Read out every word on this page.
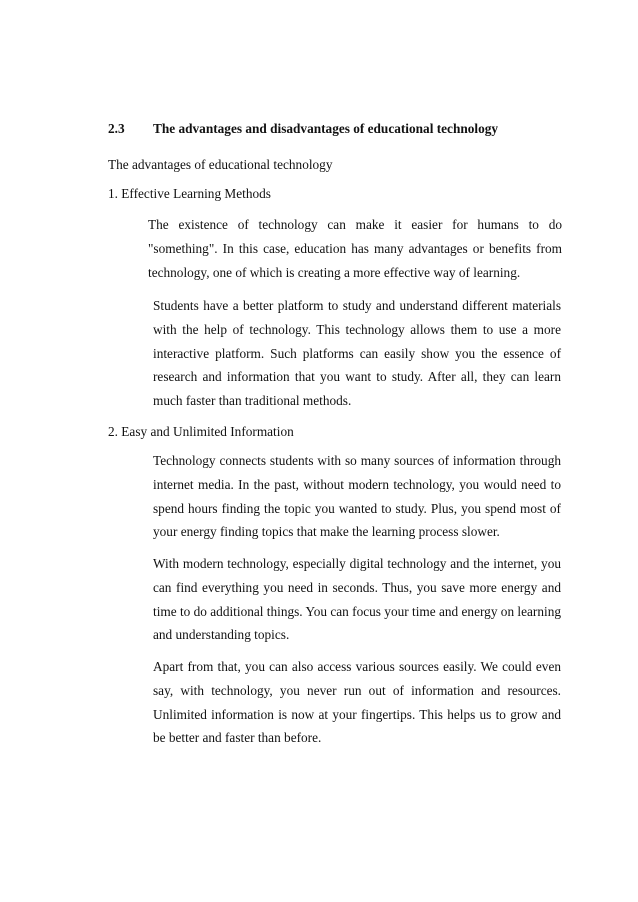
2.3 The advantages and disadvantages of educational technology
The advantages of educational technology
1. Effective Learning Methods
The existence of technology can make it easier for humans to do "something". In this case, education has many advantages or benefits from technology, one of which is creating a more effective way of learning.
Students have a better platform to study and understand different materials with the help of technology. This technology allows them to use a more interactive platform. Such platforms can easily show you the essence of research and information that you want to study. After all, they can learn much faster than traditional methods.
2. Easy and Unlimited Information
Technology connects students with so many sources of information through internet media. In the past, without modern technology, you would need to spend hours finding the topic you wanted to study. Plus, you spend most of your energy finding topics that make the learning process slower.
With modern technology, especially digital technology and the internet, you can find everything you need in seconds. Thus, you save more energy and time to do additional things. You can focus your time and energy on learning and understanding topics.
Apart from that, you can also access various sources easily. We could even say, with technology, you never run out of information and resources. Unlimited information is now at your fingertips. This helps us to grow and be better and faster than before.
